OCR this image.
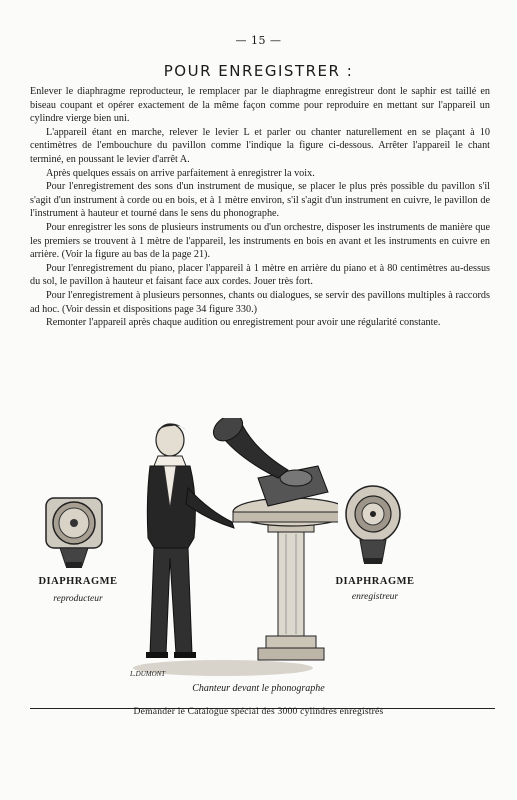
— 15 —
POUR ENREGISTRER :

Enlever le diaphragme reproducteur, le remplacer par le diaphragme enregistreur dont le saphir est taillé en biseau coupant et opérer exactement de la même façon comme pour reproduire en mettant sur l'appareil un cylindre vierge bien uni.

L'appareil étant en marche, relever le levier L et parler ou chanter naturellement en se plaçant à 10 centimètres de l'embouchure du pavillon comme l'indique la figure ci-dessous. Arrêter l'appareil le chant terminé, en poussant le levier d'arrêt A.

Après quelques essais on arrive parfaitement à enregistrer la voix.

Pour l'enregistrement des sons d'un instrument de musique, se placer le plus près possible du pavillon s'il s'agit d'un instrument à corde ou en bois, et à 1 mètre environ, s'il s'agit d'un instrument en cuivre, le pavillon de l'instrument à hauteur et tourné dans le sens du phonographe.

Pour enregistrer les sons de plusieurs instruments ou d'un orchestre, disposer les instruments de manière que les premiers se trouvent à 1 mètre de l'appareil, les instruments en bois en avant et les instruments en cuivre en arrière. (Voir la figure au bas de la page 21).

Pour l'enregistrement du piano, placer l'appareil à 1 mètre en arrière du piano et à 80 centimètres au-dessus du sol, le pavillon à hauteur et faisant face aux cordes. Jouer très fort.

Pour l'enregistrement à plusieurs personnes, chants ou dialogues, se servir des pavillons multiples à raccords ad hoc. (Voir dessin et dispositions page 34 figure 330.)

Remonter l'appareil après chaque audition ou enregistrement pour avoir une régularité constante.

DIAPHRAGME
reproducteur
DIAPHRAGME
enregistreur
L.DUMONT
Chanteur devant le phonographe
Demander le Catalogue spécial des 3000 cylindres enregistrés
